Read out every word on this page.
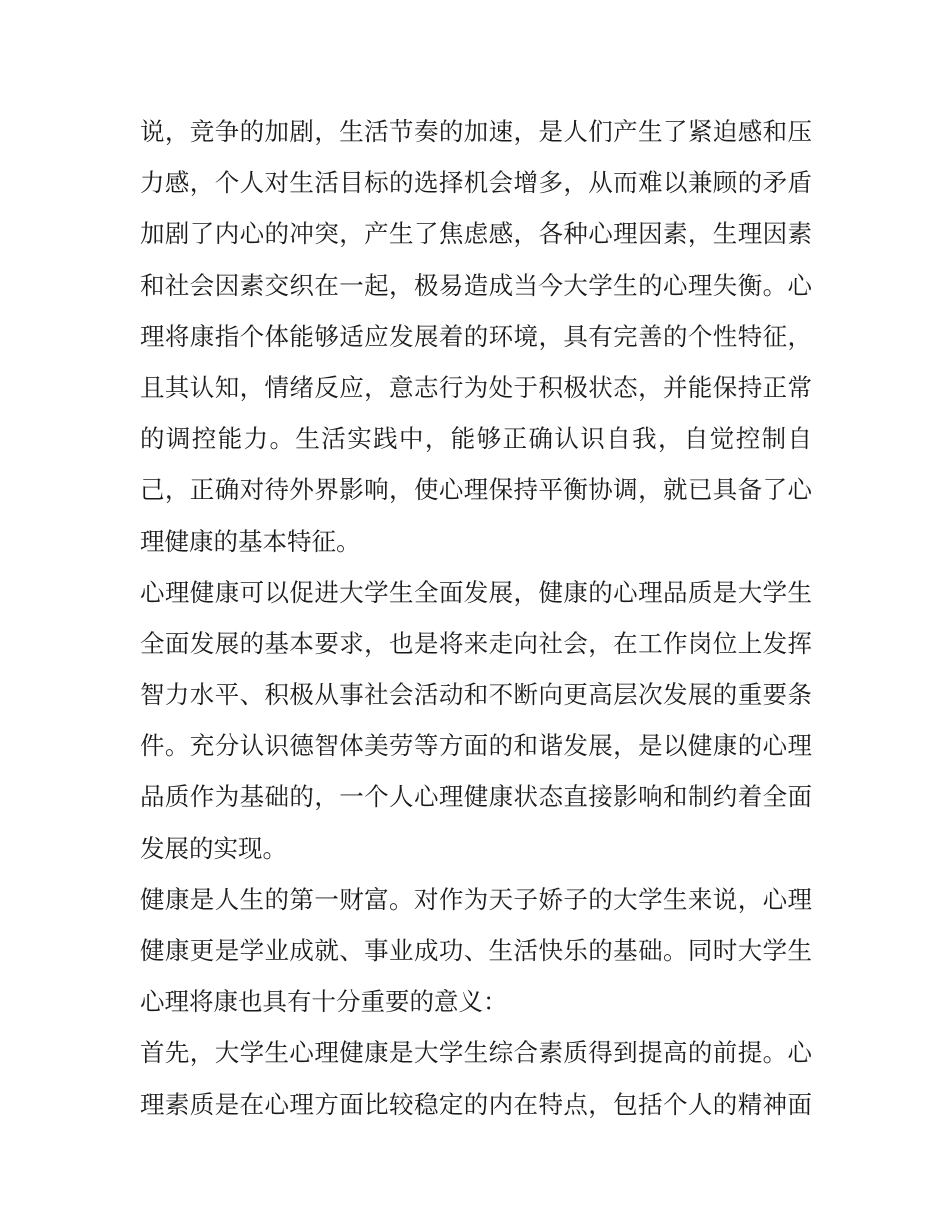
说，竞争的加剧，生活节奏的加速，是人们产生了紧迫感和压
力感，个人对生活目标的选择机会增多，从而难以兼顾的矛盾
加剧了内心的冲突，产生了焦虑感，各种心理因素，生理因素
和社会因素交织在一起，极易造成当今大学生的心理失衡。心
理将康指个体能够适应发展着的环境，具有完善的个性特征，
且其认知，情绪反应，意志行为处于积极状态，并能保持正常
的调控能力。生活实践中，能够正确认识自我，自觉控制自
己，正确对待外界影响，使心理保持平衡协调，就已具备了心
理健康的基本特征。
心理健康可以促进大学生全面发展，健康的心理品质是大学生
全面发展的基本要求，也是将来走向社会，在工作岗位上发挥
智力水平、积极从事社会活动和不断向更高层次发展的重要条
件。充分认识德智体美劳等方面的和谐发展，是以健康的心理
品质作为基础的，一个人心理健康状态直接影响和制约着全面
发展的实现。
健康是人生的第一财富。对作为天子娇子的大学生来说，心理
健康更是学业成就、事业成功、生活快乐的基础。同时大学生
心理将康也具有十分重要的意义：
首先，大学生心理健康是大学生综合素质得到提高的前提。心
理素质是在心理方面比较稳定的内在特点，包括个人的精神面
